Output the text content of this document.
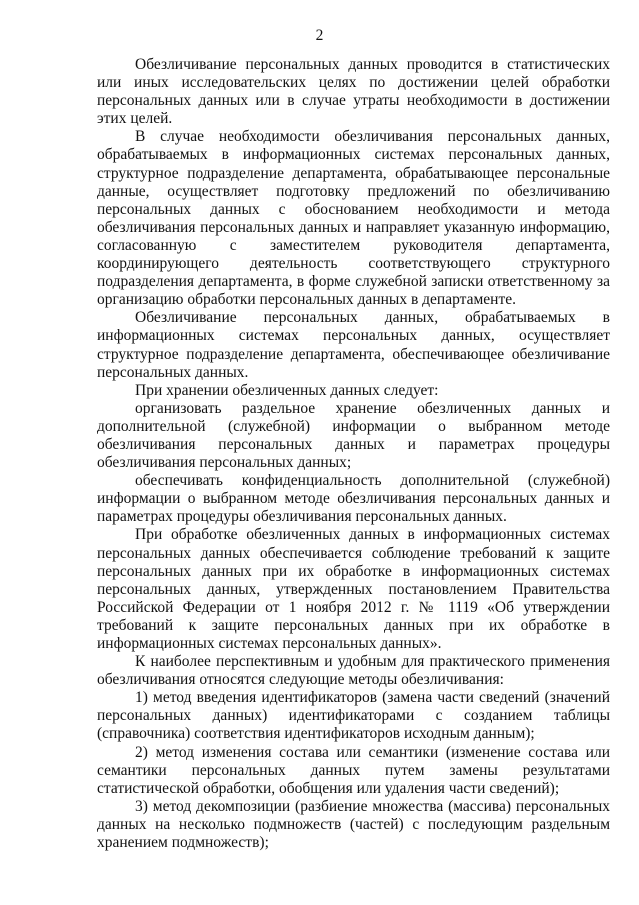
2

Обезличивание персональных данных проводится в статистических или иных исследовательских целях по достижении целей обработки персональных данных или в случае утраты необходимости в достижении этих целей.

В случае необходимости обезличивания персональных данных, обрабатываемых в информационных системах персональных данных, структурное подразделение департамента, обрабатывающее персональные данные, осуществляет подготовку предложений по обезличиванию персональных данных с обоснованием необходимости и метода обезличивания персональных данных и направляет указанную информацию, согласованную с заместителем руководителя департамента, координирующего деятельность соответствующего структурного подразделения департамента, в форме служебной записки ответственному за организацию обработки персональных данных в департаменте.

Обезличивание персональных данных, обрабатываемых в информационных системах персональных данных, осуществляет структурное подразделение департамента, обеспечивающее обезличивание персональных данных.

При хранении обезличенных данных следует:

организовать раздельное хранение обезличенных данных и дополнительной (служебной) информации о выбранном методе обезличивания персональных данных и параметрах процедуры обезличивания персональных данных;

обеспечивать конфиденциальность дополнительной (служебной) информации о выбранном методе обезличивания персональных данных и параметрах процедуры обезличивания персональных данных.

При обработке обезличенных данных в информационных системах персональных данных обеспечивается соблюдение требований к защите персональных данных при их обработке в информационных системах персональных данных, утвержденных постановлением Правительства Российской Федерации от 1 ноября 2012 г. № 1119 «Об утверждении требований к защите персональных данных при их обработке в информационных системах персональных данных».

К наиболее перспективным и удобным для практического применения обезличивания относятся следующие методы обезличивания:

1) метод введения идентификаторов (замена части сведений (значений персональных данных) идентификаторами с созданием таблицы (справочника) соответствия идентификаторов исходным данным);

2) метод изменения состава или семантики (изменение состава или семантики персональных данных путем замены результатами статистической обработки, обобщения или удаления части сведений);

3) метод декомпозиции (разбиение множества (массива) персональных данных на несколько подмножеств (частей) с последующим раздельным хранением подмножеств);
